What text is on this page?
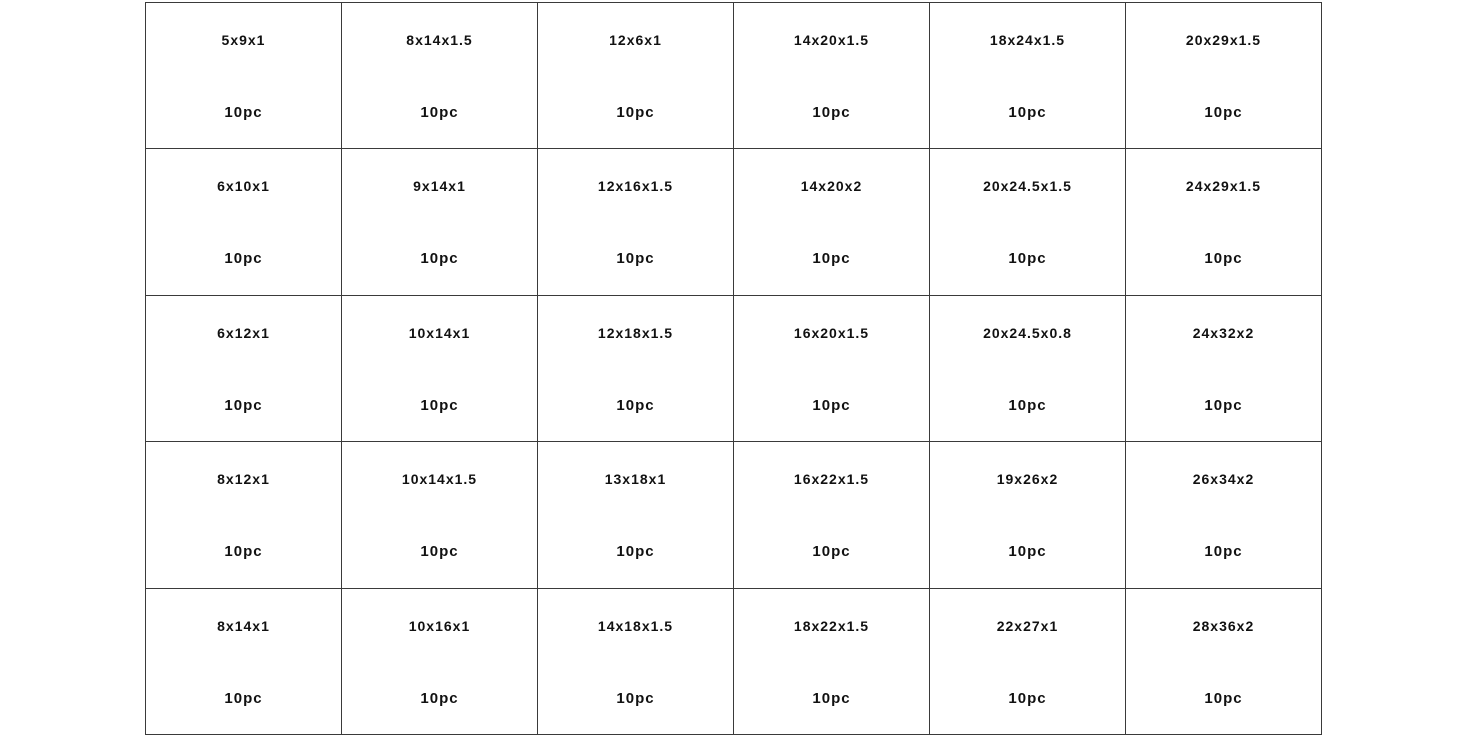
5x9x1
10pc
8x14x1.5
10pc
12x6x1
10pc
14x20x1.5
10pc
18x24x1.5
10pc
20x29x1.5
10pc
6x10x1
10pc
9x14x1
10pc
12x16x1.5
10pc
14x20x2
10pc
20x24.5x1.5
10pc
24x29x1.5
10pc
6x12x1
10pc
10x14x1
10pc
12x18x1.5
10pc
16x20x1.5
10pc
20x24.5x0.8
10pc
24x32x2
10pc
8x12x1
10pc
10x14x1.5
10pc
13x18x1
10pc
16x22x1.5
10pc
19x26x2
10pc
26x34x2
10pc
8x14x1
10pc
10x16x1
10pc
14x18x1.5
10pc
18x22x1.5
10pc
22x27x1
10pc
28x36x2
10pc
